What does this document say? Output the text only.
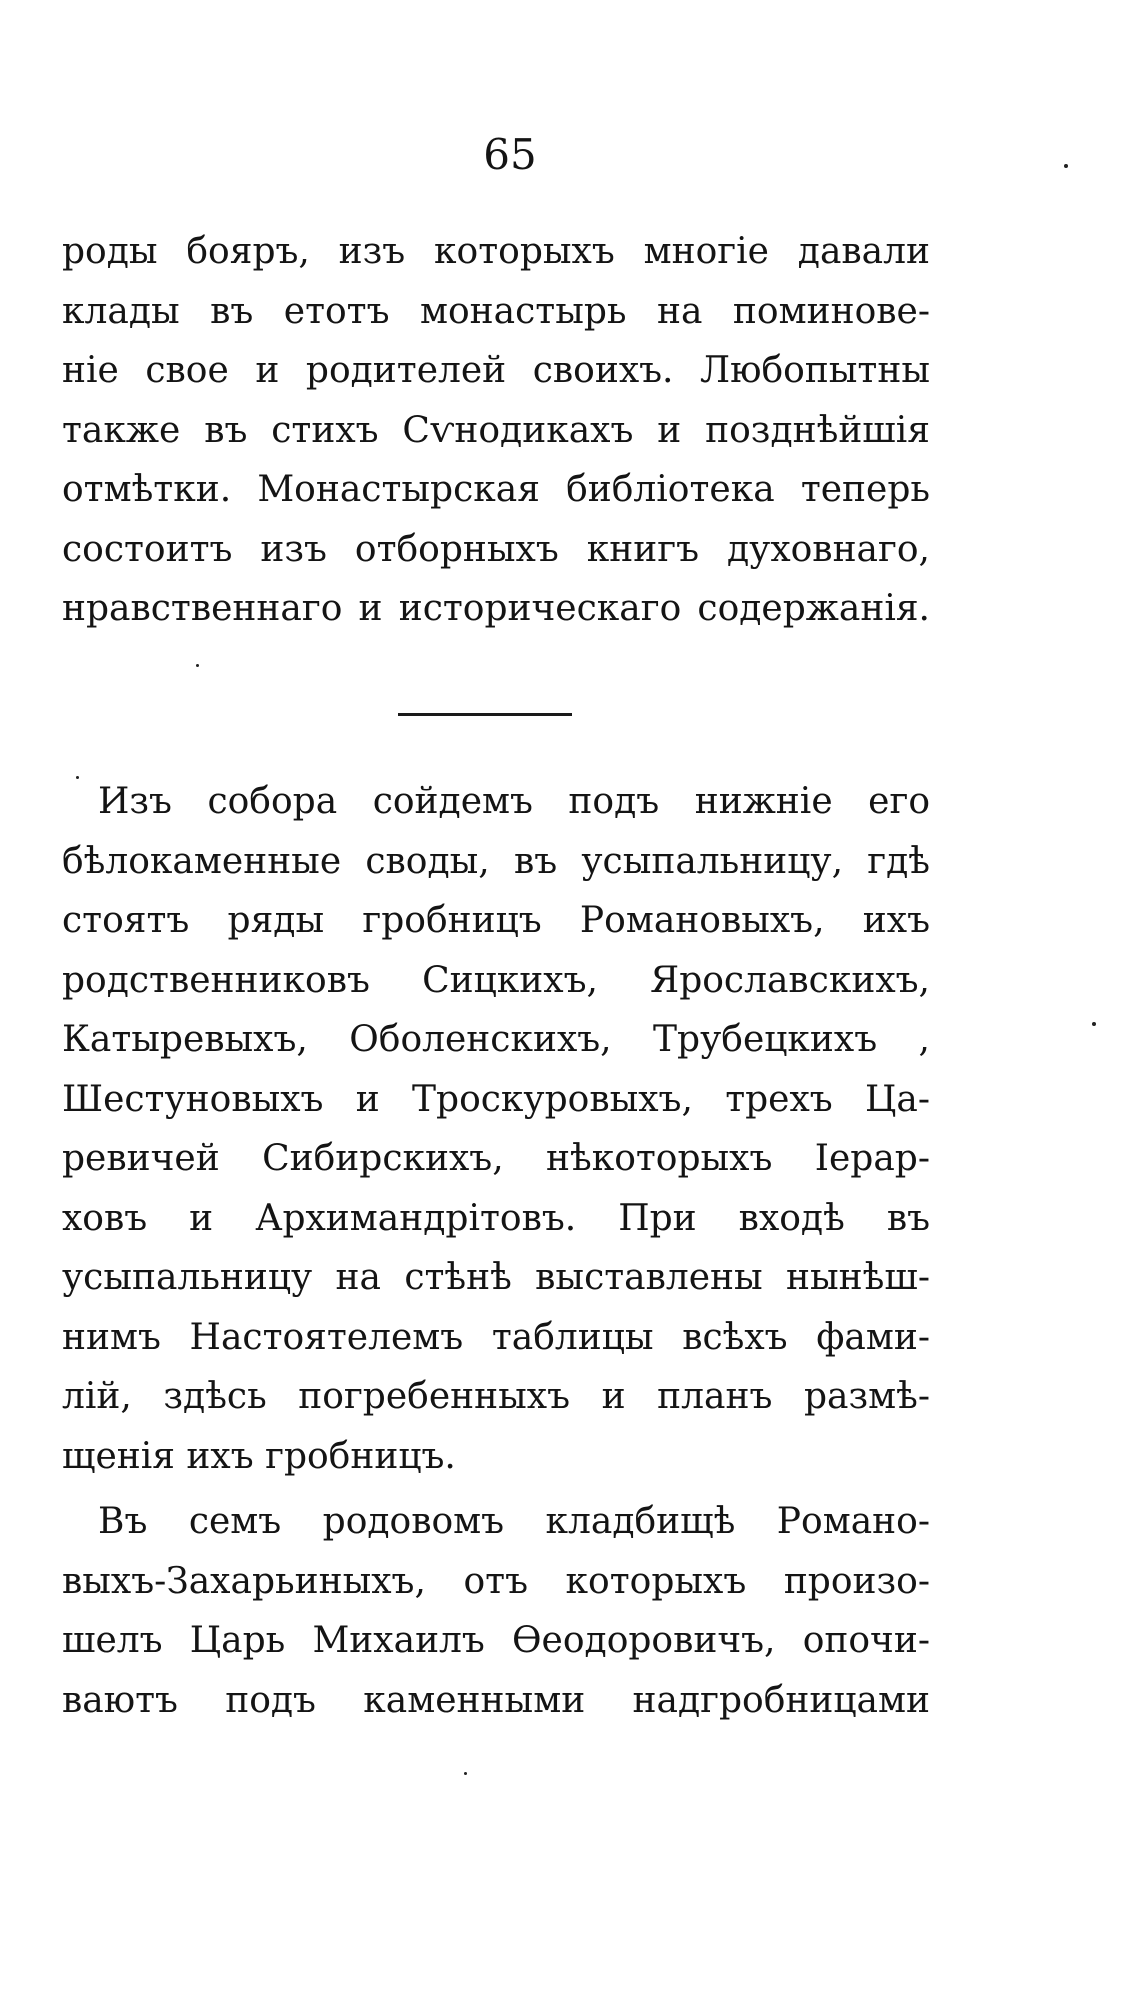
65
роды бояръ, изъ которыхъ многіе давали
клады въ етотъ монастырь на поминове-
ніе свое и родителей своихъ. Любопытны
также въ стихъ Сѵнодикахъ и позднѣйшія
отмѣтки. Монастырская библіотека теперь
состоитъ изъ отборныхъ книгъ духовнаго,
нравственнаго и историческаго содержанія.
Изъ собора сойдемъ подъ нижніе его
бѣлокаменные своды, въ усыпальницу, гдѣ
стоятъ ряды гробницъ Романовыхъ, ихъ
родственниковъ Сицкихъ, Ярославскихъ,
Катыревыхъ, Оболенскихъ, Трубецкихъ ,
Шестуновыхъ и Троскуровыхъ, трехъ Ца-
ревичей Сибирскихъ, нѣкоторыхъ Іерар-
ховъ и Архимандрітовъ. При входѣ въ
усыпальницу на стѣнѣ выставлены нынѣш-
нимъ Настоятелемъ таблицы всѣхъ фами-
лій, здѣсь погребенныхъ и планъ размѣ-
щенія ихъ гробницъ.
Въ семъ родовомъ кладбищѣ Романо-
выхъ-Захарьиныхъ, отъ которыхъ произо-
шелъ Царь Михаилъ Ѳеодоровичъ, опочи-
ваютъ подъ каменными надгробницами
